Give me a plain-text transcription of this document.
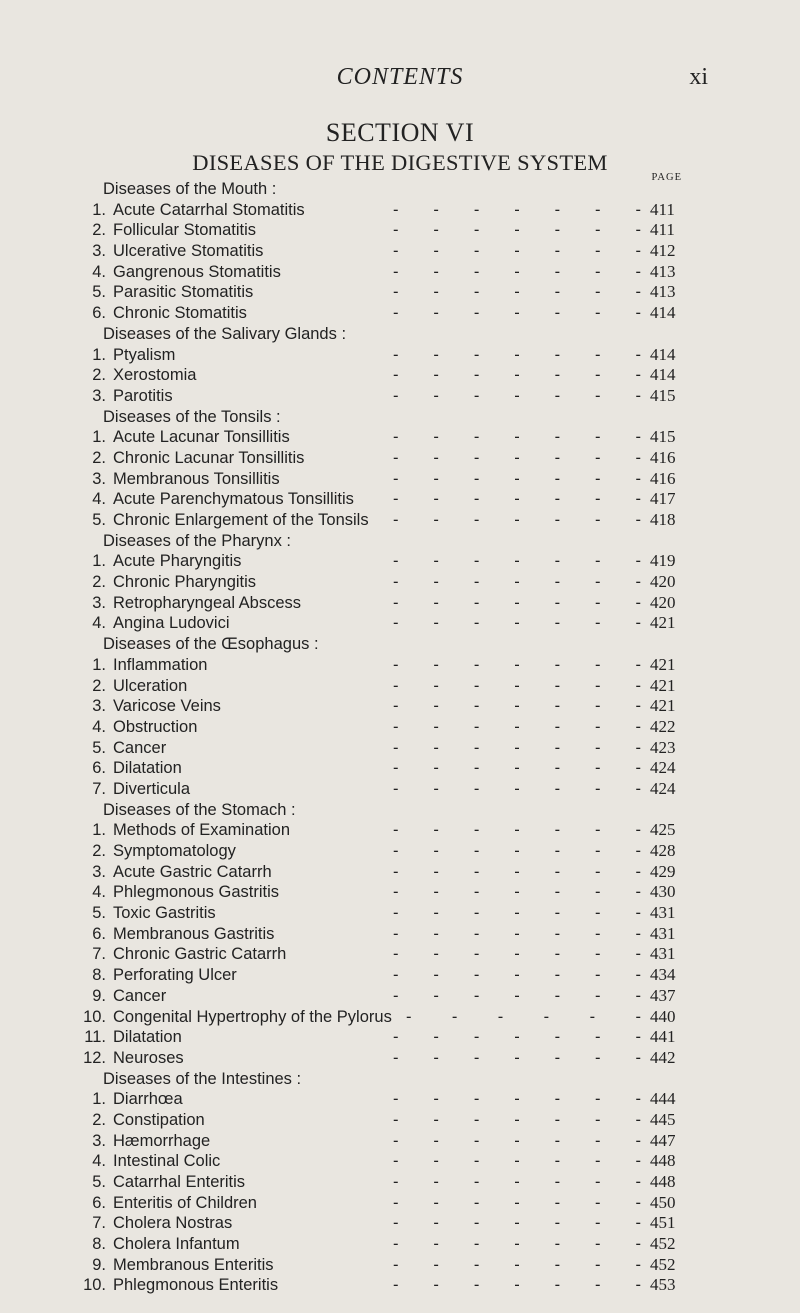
CONTENTS	xi
SECTION VI
DISEASES OF THE DIGESTIVE SYSTEM
PAGE
Diseases of the Mouth :
1. Acute Catarrhal Stomatitis	- - - - - - - 411
2. Follicular Stomatitis	- - - - - - - 411
3. Ulcerative Stomatitis	- - - - - - - 412
4. Gangrenous Stomatitis	- - - - - - - 413
5. Parasitic Stomatitis	- - - - - - - 413
6. Chronic Stomatitis	- - - - - - - 414
Diseases of the Salivary Glands :
1. Ptyalism	- - - - - - - 414
2. Xerostomia	- - - - - - - 414
3. Parotitis	- - - - - - - 415
Diseases of the Tonsils :
1. Acute Lacunar Tonsillitis	- - - - - - - 415
2. Chronic Lacunar Tonsillitis	- - - - - - - 416
3. Membranous Tonsillitis	- - - - - - - 416
4. Acute Parenchymatous Tonsillitis - - - - - - - 417
5. Chronic Enlargement of the Tonsils - - - - - - - 418
Diseases of the Pharynx :
1. Acute Pharyngitis	- - - - - - - 419
2. Chronic Pharyngitis	- - - - - - - 420
3. Retropharyngeal Abscess	- - - - - - - 420
4. Angina Ludovici	- - - - - - - 421
Diseases of the Œsophagus :
1. Inflammation	- - - - - - - 421
2. Ulceration	- - - - - - - 421
3. Varicose Veins	- - - - - - - 421
4. Obstruction	- - - - - - - 422
5. Cancer	- - - - - - - 423
6. Dilatation	- - - - - - - 424
7. Diverticula	- - - - - - - 424
Diseases of the Stomach :
1. Methods of Examination	- - - - - - - 425
2. Symptomatology	- - - - - - - 428
3. Acute Gastric Catarrh	- - - - - - - 429
4. Phlegmonous Gastritis	- - - - - - - 430
5. Toxic Gastritis	- - - - - - - 431
6. Membranous Gastritis	- - - - - - - 431
7. Chronic Gastric Catarrh	- - - - - - - 431
8. Perforating Ulcer	- - - - - - - 434
9. Cancer	- - - - - - - 437
10. Congenital Hypertrophy of the Pylorus - - - - - - 440
11. Dilatation	- - - - - - - 441
12. Neuroses	- - - - - - - 442
Diseases of the Intestines :
1. Diarrhœa	- - - - - - - 444
2. Constipation	- - - - - - - 445
3. Hæmorrhage	- - - - - - - 447
4. Intestinal Colic	- - - - - - - 448
5. Catarrhal Enteritis	- - - - - - - 448
6. Enteritis of Children	- - - - - - - 450
7. Cholera Nostras	- - - - - - - 451
8. Cholera Infantum	- - - - - - - 452
9. Membranous Enteritis	- - - - - - - 452
10. Phlegmonous Enteritis	- - - - - - - 453
